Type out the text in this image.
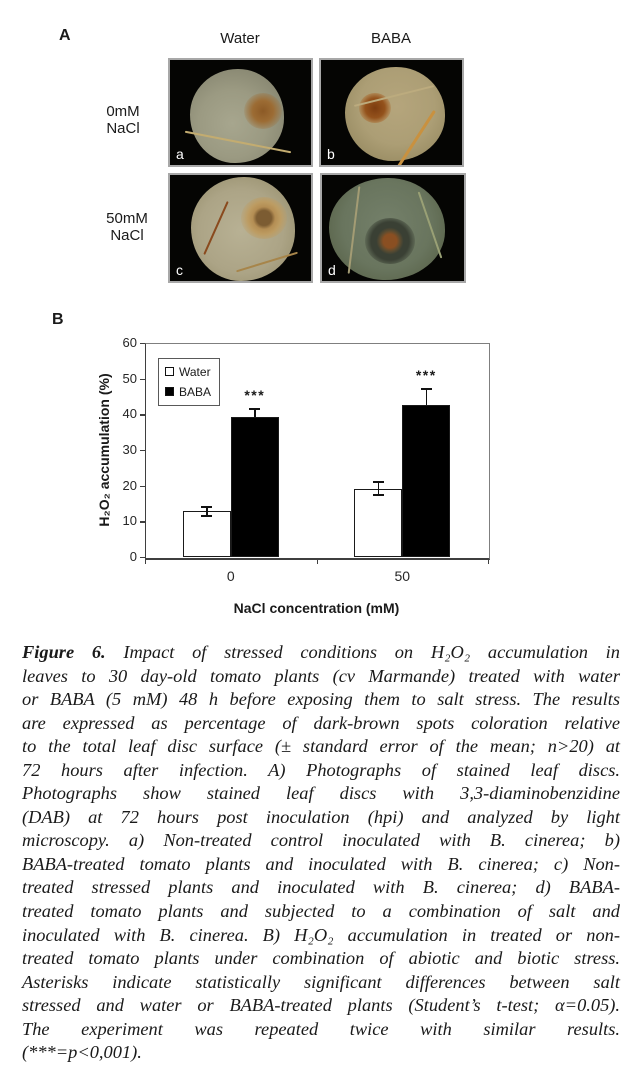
A	Water	BABA
0mM
NaCl
50mM
NaCl
a	b
c	d
B
H₂O₂ accumulation (%)
NaCl concentration (mM)
Water
BABA
0
10
20
30
40
50
60
0	50
***
***
Figure 6. Impact of stressed conditions on H₂O₂ accumulation in
leaves to 30 day-old tomato plants (cv Marmande) treated with water
or BABA (5 mM) 48 h before exposing them to salt stress. The results
are expressed as percentage of dark-brown spots coloration relative
to the total leaf disc surface (± standard error of the mean; n>20) at
72 hours after infection. A) Photographs of stained leaf discs.
Photographs show stained leaf discs with 3,3-diaminobenzidine
(DAB) at 72 hours post inoculation (hpi) and analyzed by light
microscopy. a) Non-treated control inoculated with B. cinerea; b)
BABA-treated tomato plants and inoculated with B. cinerea; c) Non-
treated stressed plants and inoculated with B. cinerea; d) BABA-
treated tomato plants and subjected to a combination of salt and
inoculated with B. cinerea. B) H₂O₂ accumulation in treated or non-
treated tomato plants under combination of abiotic and biotic stress.
Asterisks indicate statistically significant differences between salt
stressed and water or BABA-treated plants (Student’s t-test; α=0.05).
The experiment was repeated twice with similar results.
(***=p<0,001).
